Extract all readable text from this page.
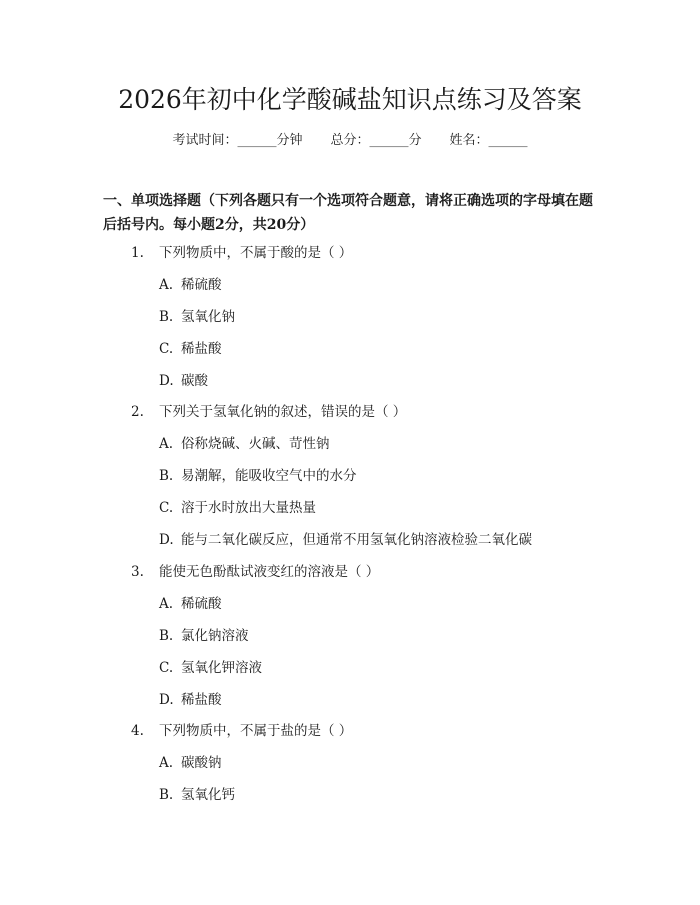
2026年初中化学酸碱盐知识点练习及答案
考试时间：______分钟 总分：______分 姓名：______
一、单项选择题（下列各题只有一个选项符合题意，请将正确选项的字母填在题后括号内。每小题2分，共20分）
1. 下列物质中，不属于酸的是（ ）
A. 稀硫酸
B. 氢氧化钠
C. 稀盐酸
D. 碳酸
2. 下列关于氢氧化钠的叙述，错误的是（ ）
A. 俗称烧碱、火碱、苛性钠
B. 易潮解，能吸收空气中的水分
C. 溶于水时放出大量热量
D. 能与二氧化碳反应，但通常不用氢氧化钠溶液检验二氧化碳
3. 能使无色酚酞试液变红的溶液是（ ）
A. 稀硫酸
B. 氯化钠溶液
C. 氢氧化钾溶液
D. 稀盐酸
4. 下列物质中，不属于盐的是（ ）
A. 碳酸钠
B. 氢氧化钙
